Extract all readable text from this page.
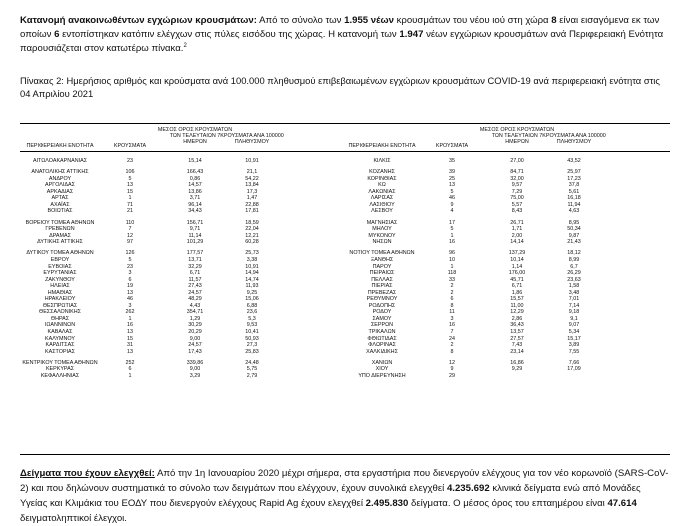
Κατανομή ανακοινωθέντων εγχώριων κρουσμάτων: Από το σύνολο των 1.955 νέων κρουσμάτων του νέου ιού στη χώρα 8 είναι εισαγόμενα εκ των οποίων 6 εντοπίστηκαν κατόπιν ελέγχων στις πύλες εισόδου της χώρας. Η κατανομή των 1.947 νέων εγχώριων κρουσμάτων ανά Περιφερειακή Ενότητα παρουσιάζεται στον κατωτέρω πίνακα.$^2$
Πίνακας 2: Ημερήσιος αριθμός και κρούσματα ανά 100.000 πληθυσμού επιβεβαιωμένων εγχώριων κρουσμάτων COVID-19 ανά περιφερειακή ενότητα στις 04 Απριλίου 2021
ΠΕΡΙΦΕΡΕΙΑΚΗ ΕΝΟΤΗΤΑ	ΚΡΟΥΣΜΑΤΑ
ΜΕΣΟΣ ΟΡΟΣ ΚΡΟΥΣΜΑΤΩΝ
ΤΩΝ ΤΕΛΕΥΤΑΙΩΝ 7
ΗΜΕΡΩΝ
ΚΡΟΥΣΜΑΤΑ ΑΝΑ 100000
ΠΛΗΘΥΣΜΟΥ
ΑΙΤΩΛΟΑΚΑΡΝΑΝΙΑΣ	23	15,14	10,91
ΑΝΑΤΟΛΙΚΗΣ ΑΤΤΙΚΗΣ	106	166,43	21,1
ΑΝΔΡΟΥ	5	0,86	54,22
ΑΡΓΟΛΙΔΑΣ	13	14,57	13,84
ΑΡΚΑΔΙΑΣ	15	13,86	17,3
ΑΡΤΑΣ	1	3,71	1,47
ΑΧΑΪΑΣ	71	96,14	22,88
ΒΟΙΩΤΙΑΣ	21	34,43	17,81
ΒΟΡΕΙΟΥ ΤΟΜΕΑ ΑΘΗΝΩΝ	110	156,71	18,59
ΓΡΕΒΕΝΩΝ	7	9,71	22,04
ΔΡΑΜΑΣ	12	11,14	12,21
ΔΥΤΙΚΗΣ ΑΤΤΙΚΗΣ	97	101,29	60,28
ΔΥΤΙΚΟΥ ΤΟΜΕΑ ΑΘΗΝΩΝ	126	177,57	25,73
ΕΒΡΟΥ	5	13,71	3,38
ΕΥΒΟΙΑΣ	23	32,29	10,91
ΕΥΡΥΤΑΝΙΑΣ	3	6,71	14,94
ΖΑΚΥΝΘΟΥ	6	11,57	14,74
ΗΛΕΙΑΣ	19	27,43	11,93
ΗΜΑΘΙΑΣ	13	24,57	9,25
ΗΡΑΚΛΕΙΟΥ	46	48,29	15,06
ΘΕΣΠΡΩΤΙΑΣ	3	4,43	6,88
ΘΕΣΣΑΛΟΝΙΚΗΣ	262	354,71	23,6
ΘΗΡΑΣ	1	1,29	5,3
ΙΩΑΝΝΙΝΩΝ	16	30,29	9,53
ΚΑΒΑΛΑΣ	13	20,29	10,41
ΚΑΛΥΜΝΟΥ	15	9,00	50,93
ΚΑΡΔΙΤΣΑΣ	31	24,57	27,3
ΚΑΣΤΟΡΙΑΣ	13	17,43	25,83
ΚΕΝΤΡΙΚΟΥ ΤΟΜΕΑ ΑΘΗΝΩΝ	252	339,86	24,48
ΚΕΡΚΥΡΑΣ	6	9,00	5,75
ΚΕΦΑΛΛΗΝΙΑΣ	1	3,29	2,79
ΠΕΡΙΦΕΡΕΙΑΚΗ ΕΝΟΤΗΤΑ	ΚΡΟΥΣΜΑΤΑ
ΜΕΣΟΣ ΟΡΟΣ ΚΡΟΥΣΜΑΤΩΝ
ΤΩΝ ΤΕΛΕΥΤΑΙΩΝ 7
ΗΜΕΡΩΝ
ΚΡΟΥΣΜΑΤΑ ΑΝΑ 100000
ΠΛΗΘΥΣΜΟΥ
ΚΙΛΚΙΣ	35	27,00	43,52
ΚΟΖΑΝΗΣ	39	84,71	25,97
ΚΟΡΙΝΘΙΑΣ	25	32,00	17,23
ΚΩ	13	9,57	37,8
ΛΑΚΩΝΙΑΣ	5	7,29	5,61
ΛΑΡΙΣΑΣ	46	75,00	16,18
ΛΑΣΙΘΙΟΥ	9	5,57	11,94
ΛΕΣΒΟΥ	4	8,43	4,63
ΜΑΓΝΗΣΙΑΣ	17	26,71	8,95
ΜΗΛΟΥ	5	1,71	50,34
ΜΥΚΟΝΟΥ	1	2,00	9,87
ΝΗΣΩΝ	16	14,14	21,43
ΝΟΤΙΟΥ ΤΟΜΕΑ ΑΘΗΝΩΝ	96	137,29	18,12
ΞΑΝΘΗΣ	10	10,14	8,99
ΠΑΡΟΥ	1	1,14	6,7
ΠΕΙΡΑΙΩΣ	118	176,00	26,29
ΠΕΛΛΑΣ	33	45,71	23,63
ΠΙΕΡΙΑΣ	2	6,71	1,58
ΠΡΕΒΕΖΑΣ	2	1,86	3,48
ΡΕΘΥΜΝΟΥ	6	15,57	7,01
ΡΟΔΟΠΗΣ	8	11,00	7,14
ΡΟΔΟΥ	11	12,29	9,18
ΣΑΜΟΥ	3	2,86	9,1
ΣΕΡΡΩΝ	16	36,43	9,07
ΤΡΙΚΑΛΩΝ	7	13,57	5,34
ΦΘΙΩΤΙΔΑΣ	24	27,57	15,17
ΦΛΩΡΙΝΑΣ	2	7,43	3,89
ΧΑΛΚΙΔΙΚΗΣ	8	23,14	7,55
ΧΑΝΙΩΝ	12	16,86	7,66
ΧΙΟΥ	9	9,29	17,09
ΥΠΟ ΔΙΕΡΕΥΝΗΣΗ	29
Δείγματα που έχουν ελεγχθεί: Από την 1η Ιανουαρίου 2020 μέχρι σήμερα, στα εργαστήρια που διενεργούν ελέγχους για τον νέο κορωνοϊό (SARS-CoV-2) και που δηλώνουν συστηματικά το σύνολο των δειγμάτων που ελέγχουν, έχουν συνολικά ελεγχθεί 4.235.692 κλινικά δείγματα ενώ από Μονάδες Υγείας και Κλιμάκια του ΕΟΔΥ που διενεργούν ελέγχους Rapid Ag έχουν ελεγχθεί 2.495.830 δείγματα. Ο μέσος όρος του επταημέρου είναι 47.614 δειγματοληπτικοί έλεγχοι.
